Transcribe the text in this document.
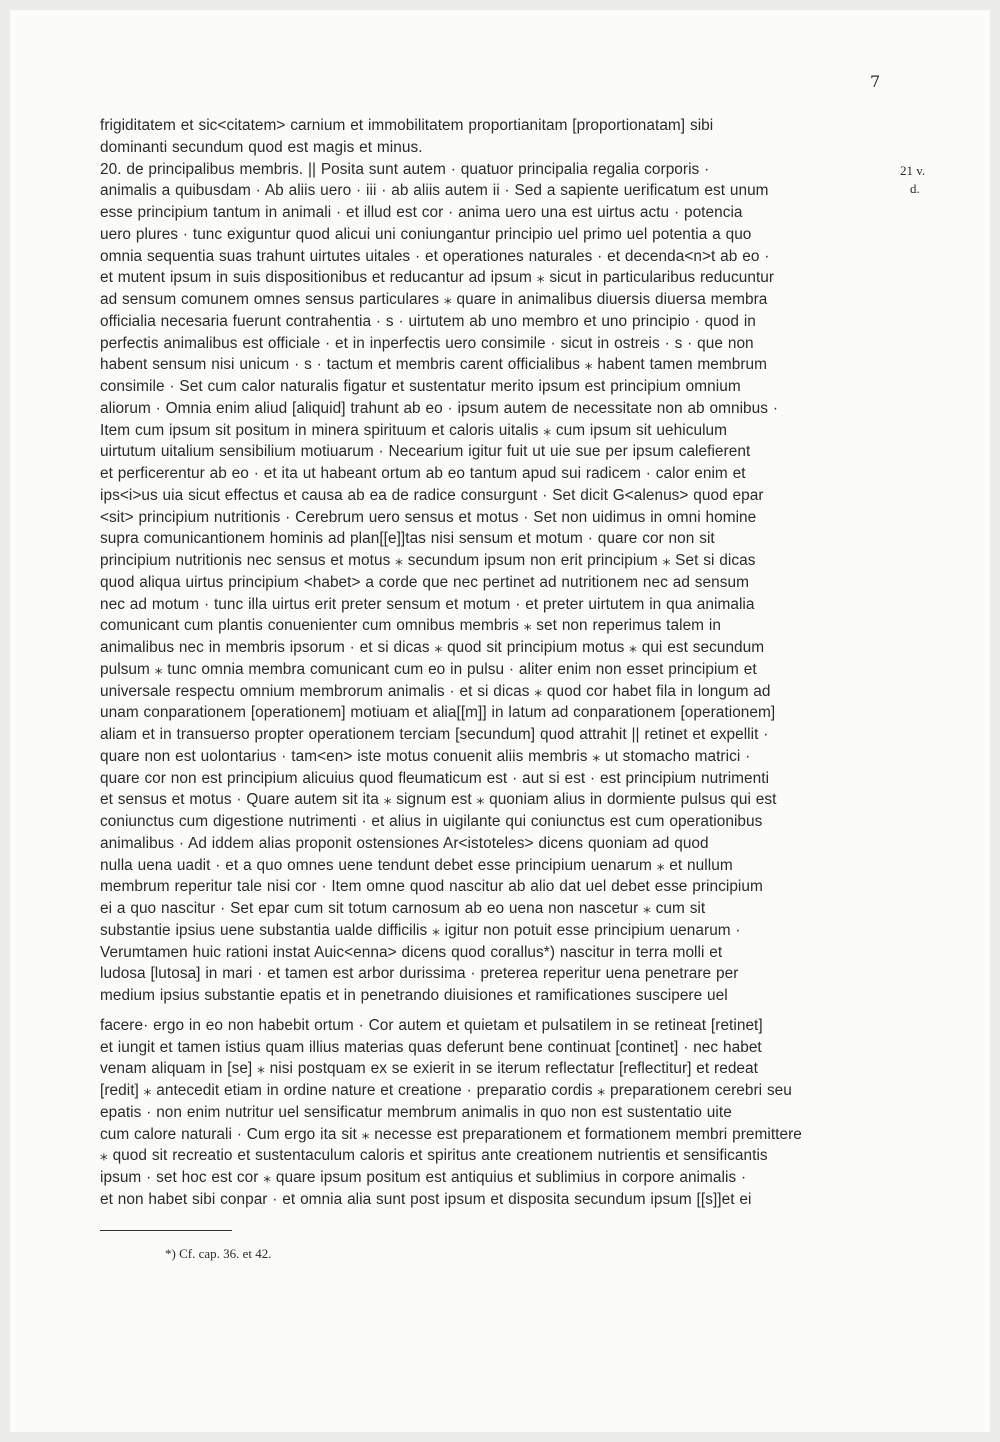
7
21 v.
d.
frigiditatem et sic<citatem> carnium et immobilitatem proportianitam [proportionatam] sibi
dominanti secundum quod est magis et minus.
20. de principalibus membris. || Posita sunt autem · quatuor principalia regalia corporis ·
animalis a quibusdam · Ab aliis uero · iii · ab aliis autem ii · Sed a sapiente uerificatum est unum
esse principium tantum in animali · et illud est cor · anima uero una est uirtus actu · potencia
uero plures · tunc exiguntur quod alicui uni coniungantur principio uel primo uel potentia a quo
omnia sequentia suas trahunt uirtutes uitales · et operationes naturales · et decenda<n>t ab eo ·
et mutent ipsum in suis dispositionibus et reducantur ad ipsum ⁎ sicut in particularibus reducuntur
ad sensum comunem omnes sensus particulares ⁎ quare in animalibus diuersis diuersa membra
officialia necesaria fuerunt contrahentia · s · uirtutem ab uno membro et uno principio · quod in
perfectis animalibus est officiale · et in inperfectis uero consimile · sicut in ostreis · s · que non
habent sensum nisi unicum · s · tactum et membris carent officialibus ⁎ habent tamen membrum
consimile · Set cum calor naturalis figatur et sustentatur merito ipsum est principium omnium
aliorum · Omnia enim aliud [aliquid] trahunt ab eo · ipsum autem de necessitate non ab omnibus ·
Item cum ipsum sit positum in minera spirituum et caloris uitalis ⁎ cum ipsum sit uehiculum
uirtutum uitalium sensibilium motiuarum · Necearium igitur fuit ut uie sue per ipsum calefierent
et perficerentur ab eo · et ita ut habeant ortum ab eo tantum apud sui radicem · calor enim et
ips<i>us uia sicut effectus et causa ab ea de radice consurgunt · Set dicit G<alenus> quod epar
<sit> principium nutritionis · Cerebrum uero sensus et motus · Set non uidimus in omni homine
supra comunicantionem hominis ad plan[[e]]tas nisi sensum et motum · quare cor non sit
principium nutritionis nec sensus et motus ⁎ secundum ipsum non erit principium ⁎ Set si dicas
quod aliqua uirtus principium <habet> a corde que nec pertinet ad nutritionem nec ad sensum
nec ad motum · tunc illa uirtus erit preter sensum et motum · et preter uirtutem in qua animalia
comunicant cum plantis conuenienter cum omnibus membris ⁎ set non reperimus talem in
animalibus nec in membris ipsorum · et si dicas ⁎ quod sit principium motus ⁎ qui est secundum
pulsum ⁎ tunc omnia membra comunicant cum eo in pulsu · aliter enim non esset principium et
universale respectu omnium membrorum animalis · et si dicas ⁎ quod cor habet fila in longum ad
unam conparationem [operationem] motiuam et alia[[m]] in latum ad conparationem [operationem]
aliam et in transuerso propter operationem terciam [secundum] quod attrahit || retinet et expellit ·
quare non est uolontarius · tam<en> iste motus conuenit aliis membris ⁎ ut stomacho matrici ·
quare cor non est principium alicuius quod fleumaticum est · aut si est · est principium nutrimenti
et sensus et motus · Quare autem sit ita ⁎ signum est ⁎ quoniam alius in dormiente pulsus qui est
coniunctus cum digestione nutrimenti · et alius in uigilante qui coniunctus est cum operationibus
animalibus · Ad iddem alias proponit ostensiones Ar<istoteles> dicens quoniam ad quod
nulla uena uadit · et a quo omnes uene tendunt debet esse principium uenarum ⁎ et nullum
membrum reperitur tale nisi cor · Item omne quod nascitur ab alio dat uel debet esse principium
ei a quo nascitur · Set epar cum sit totum carnosum ab eo uena non nascetur ⁎ cum sit
substantie ipsius uene substantia ualde difficilis ⁎ igitur non potuit esse principium uenarum ·
Verumtamen huic rationi instat Auic<enna> dicens quod corallus*) nascitur in terra molli et
ludosa [lutosa] in mari · et tamen est arbor durissima · preterea reperitur uena penetrare per
medium ipsius substantie epatis et in penetrando diuisiones et ramificationes suscipere uel
facere· ergo in eo non habebit ortum · Cor autem et quietam et pulsatilem in se retineat [retinet]
et iungit et tamen istius quam illius materias quas deferunt bene continuat [continet] · nec habet
venam aliquam in [se] ⁎ nisi postquam ex se exierit in se iterum reflectatur [reflectitur] et redeat
[redit] ⁎ antecedit etiam in ordine nature et creatione · preparatio cordis ⁎ preparationem cerebri seu
epatis · non enim nutritur uel sensificatur membrum animalis in quo non est sustentatio uite
cum calore naturali · Cum ergo ita sit ⁎ necesse est preparationem et formationem membri premittere
⁎ quod sit recreatio et sustentaculum caloris et spiritus ante creationem nutrientis et sensificantis
ipsum · set hoc est cor ⁎ quare ipsum positum est antiquius et sublimius in corpore animalis ·
et non habet sibi conpar · et omnia alia sunt post ipsum et disposita secundum ipsum [[s]]et ei
*) Cf. cap. 36. et 42.
